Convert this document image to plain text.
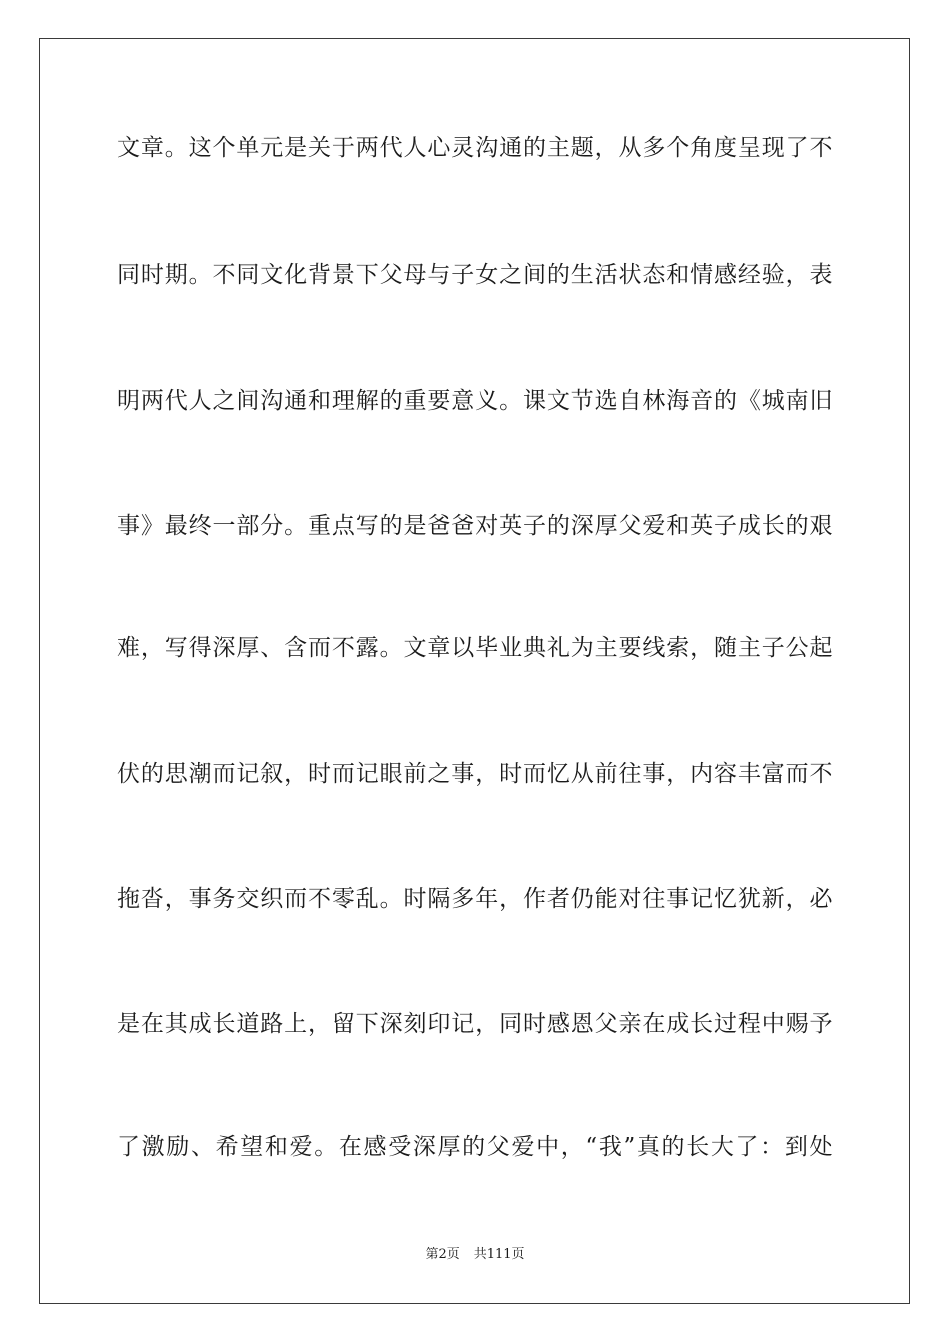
文章。这个单元是关于两代人心灵沟通的主题，从多个角度呈现了不
同时期。不同文化背景下父母与子女之间的生活状态和情感经验，表
明两代人之间沟通和理解的重要意义。课文节选自林海音的《城南旧
事》最终一部分。重点写的是爸爸对英子的深厚父爱和英子成长的艰
难，写得深厚、含而不露。文章以毕业典礼为主要线索，随主子公起
伏的思潮而记叙，时而记眼前之事，时而忆从前往事，内容丰富而不
拖沓，事务交织而不零乱。时隔多年，作者仍能对往事记忆犹新，必
是在其成长道路上，留下深刻印记，同时感恩父亲在成长过程中赐予
了激励、希望和爱。在感受深厚的父爱中，“我”真的长大了：到处
第2页 共111页
